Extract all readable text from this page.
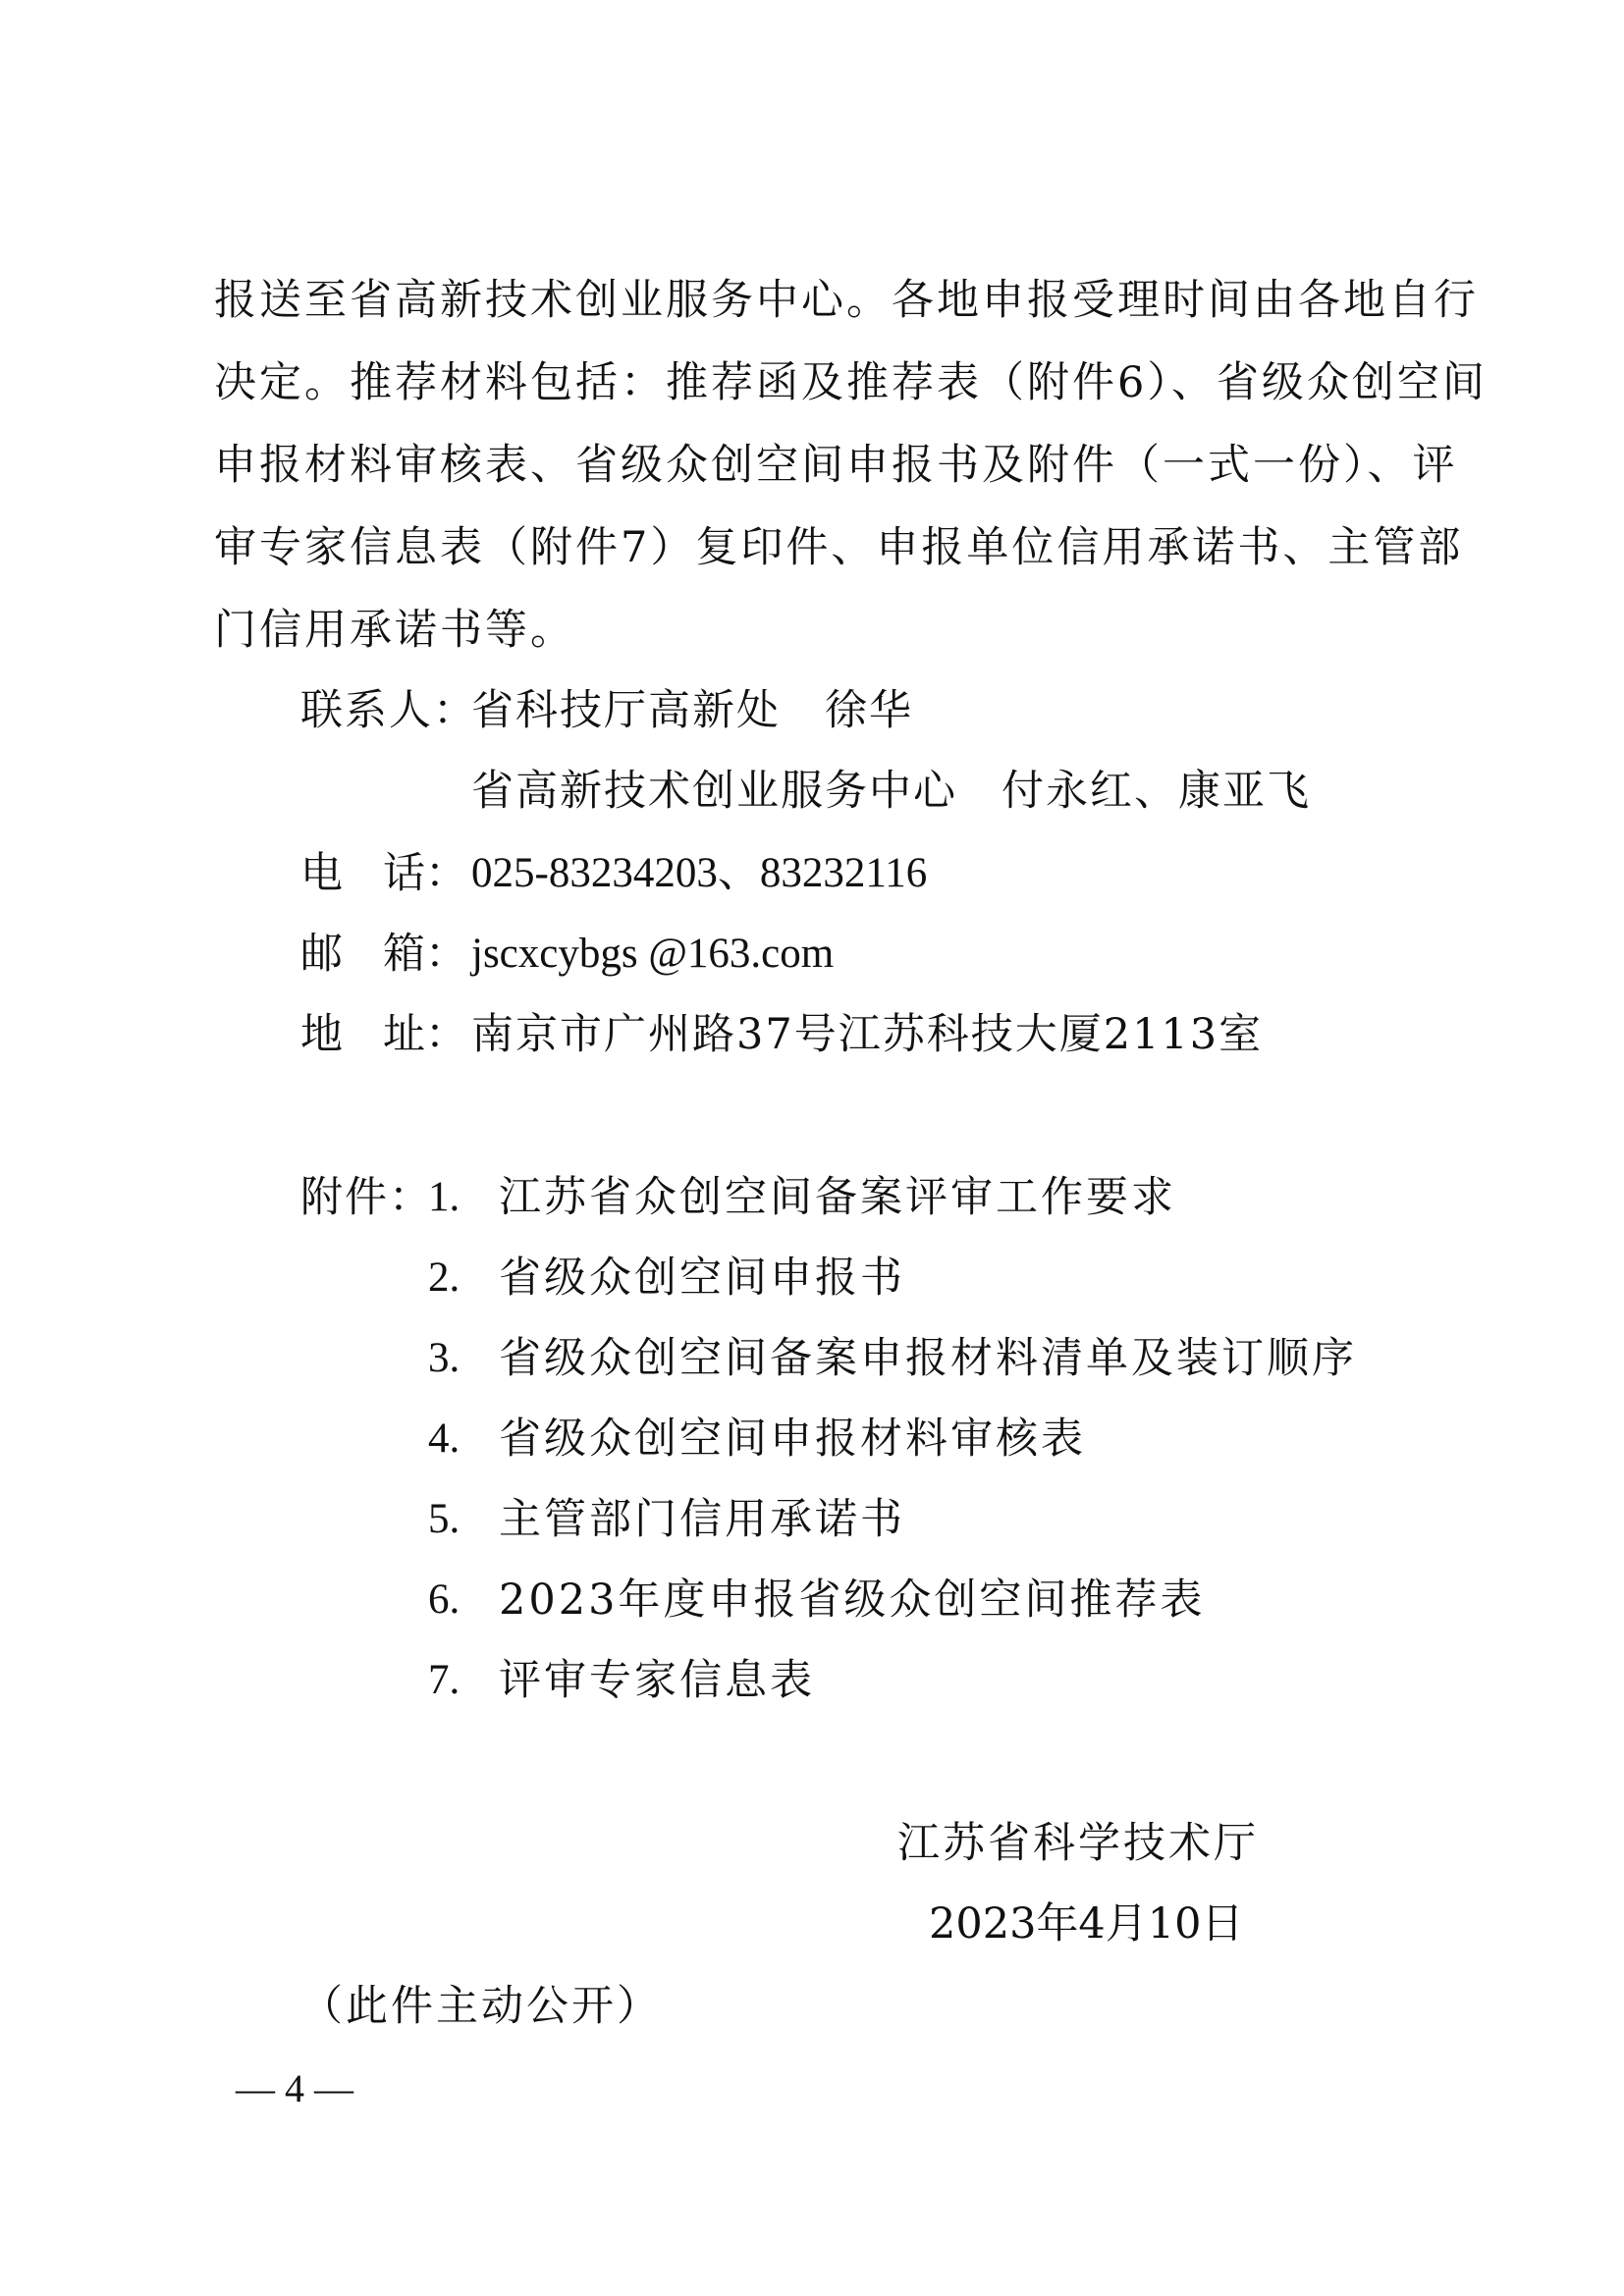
报送至省高新技术创业服务中心。各地申报受理时间由各地自行
决定。推荐材料包括：推荐函及推荐表（附件6）、省级众创空间
申报材料审核表、省级众创空间申报书及附件（一式一份）、评
审专家信息表（附件7）复印件、申报单位信用承诺书、主管部
门信用承诺书等。
联系人：
省科技厅高新处　徐华
省高新技术创业服务中心　付永红、康亚飞
电 话： 025-83234203、83232116
邮 箱： jscxcybgs @163.com
地 址： 南京市广州路37号江苏科技大厦2113室
附件：
1. 江苏省众创空间备案评审工作要求
2. 省级众创空间申报书
3. 省级众创空间备案申报材料清单及装订顺序
4. 省级众创空间申报材料审核表
5. 主管部门信用承诺书
6. 2023年度申报省级众创空间推荐表
7. 评审专家信息表
江苏省科学技术厅
2023年4月10日
（此件主动公开）
— 4 —
